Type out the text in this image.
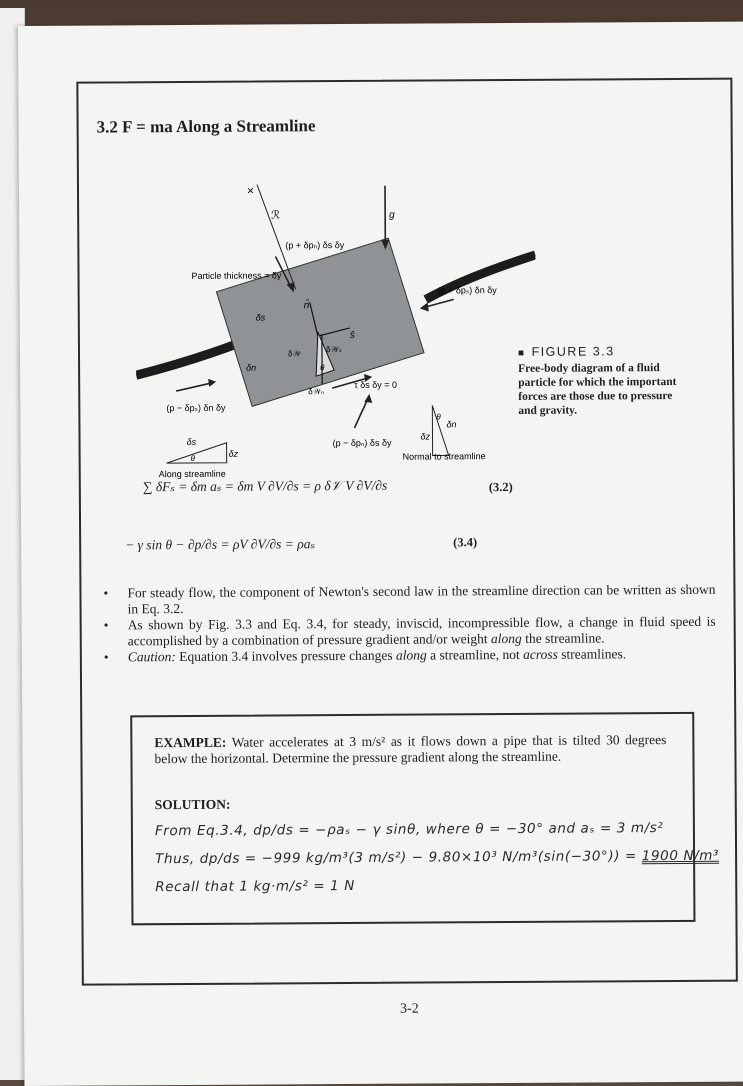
3.2 F = ma Along a Streamline
g
×
ℛ
(p + δpₙ) δs δy
Particle thickness = δy
(p + δpₛ) δn δy
(p − δpₛ) δn δy
τ δs δy = 0
(p − δpₙ) δs δy
n̂
ŝ
δs
δn
δ𝒲	δ𝒲ₛ
δ𝒲ₙ
θ
δs
θ	δz
Along streamline
θ
δn
δz
Normal to streamline
■ FIGURE 3.3
Free-body diagram of a fluid particle for which the important forces are those due to pressure and gravity.
∑ δFₛ = δm aₛ = δm V ∂V/∂s = ρ δ𝒱 V ∂V/∂s	(3.2)
− γ sin θ − ∂p/∂s = ρV ∂V/∂s = ρaₛ	(3.4)
• For steady flow, the component of Newton's second law in the streamline direction can be written as shown in Eq. 3.2.
• As shown by Fig. 3.3 and Eq. 3.4, for steady, inviscid, incompressible flow, a change in fluid speed is accomplished by a combination of pressure gradient and/or weight along the streamline.
• Caution: Equation 3.4 involves pressure changes along a streamline, not across streamlines.
EXAMPLE: Water accelerates at 3 m/s² as it flows down a pipe that is tilted 30 degrees below the horizontal. Determine the pressure gradient along the streamline.
SOLUTION:
From Eq.3.4, dp/ds = −ρaₛ − γ sinθ, where θ = −30° and aₛ = 3 m/s²
Thus, dp/ds = −999 kg/m³(3 m/s²) − 9.80×10³ N/m³(sin(−30°)) = 1900 N/m³
Recall that 1 kg·m/s² = 1 N
3-2
